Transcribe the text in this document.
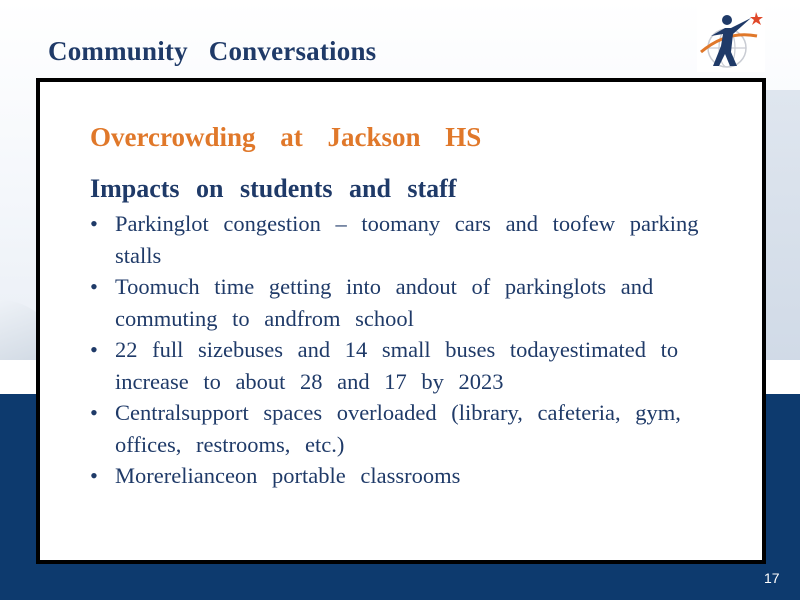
Community Conversations
Overcrowding at Jackson HS
Impacts on students and staff
• Parkinglot congestion – toomany cars and toofew parking stalls
• Toomuch time getting into andout of parkinglots and commuting to andfrom school
• 22 full sizebuses and 14 small buses todayestimated to increase to about 28 and 17 by 2023
• Centralsupport spaces overloaded (library, cafeteria, gym, offices, restrooms, etc.)
• Morerelianceon portable classrooms
17
